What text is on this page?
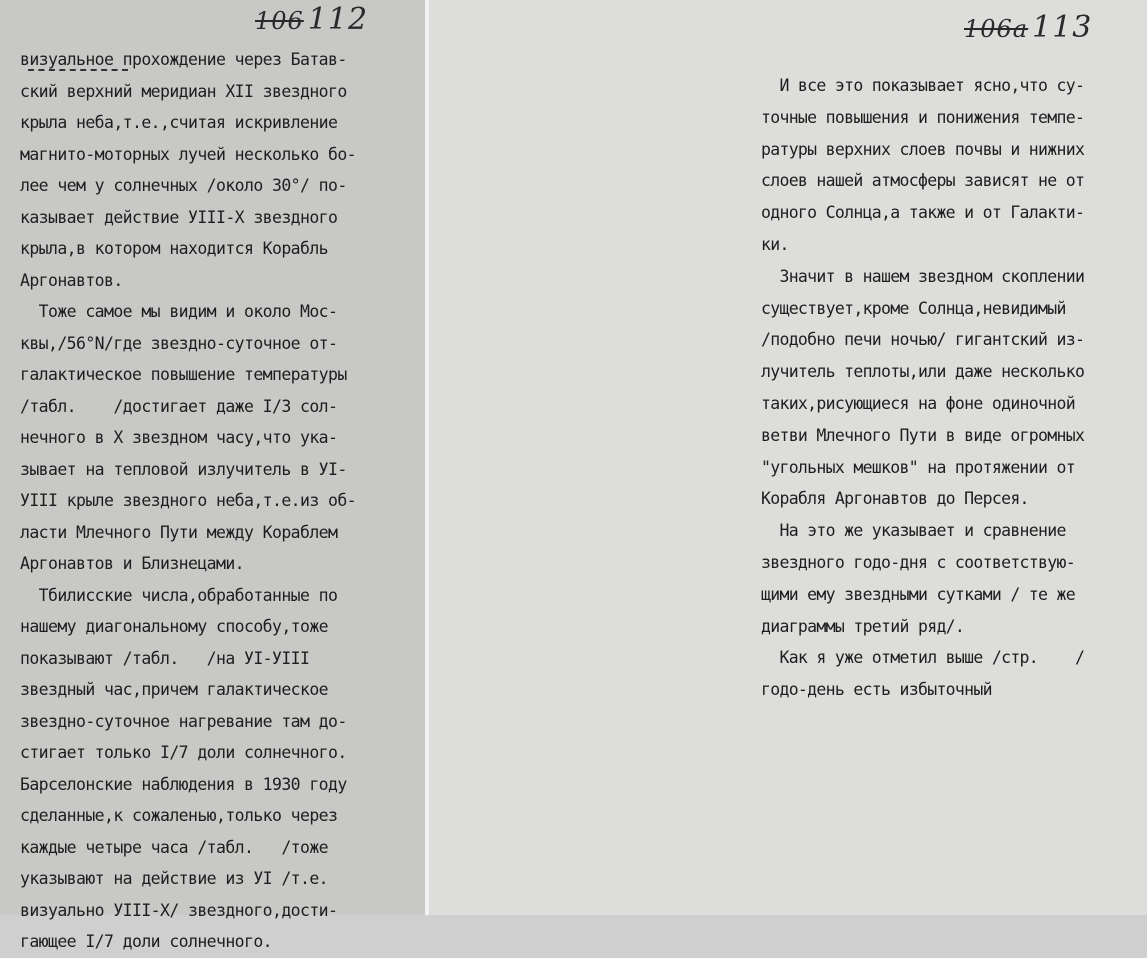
106 112
визуальное прохождение через Батав-
ский верхний меридиан XII звездного
крыла неба,т.е.,считая искривление
магнито-моторных лучей несколько бо-
лее чем у солнечных /около 30°/ по-
казывает действие УIII-Х звездного
крыла,в котором находится Корабль
Аргонавтов.
Тоже самое мы видим и около Мос-
квы,/56°N/где звездно-суточное от-
галактическое повышение температуры
/табл.    /достигает даже I/3 сол-
нечного в Х звездном часу,что ука-
зывает на тепловой излучитель в УI-
УIII крыле звездного неба,т.е.из об-
ласти Млечного Пути между Кораблем
Аргонавтов и Близнецами.
Тбилисские числа,обработанные по
нашему диагональному способу,тоже
показывают /табл.   /на УI-УIII
звездный час,причем галактическое
звездно-суточное нагревание там до-
стигает только I/7 доли солнечного.
Барселонские наблюдения в 1930 году
сделанные,к сожаленью,только через
каждые четыре часа /табл.   /тоже
указывают на действие из УI /т.е.
визуально УIII-Х/ звездного,дости-
гающее I/7 доли солнечного.
106а 113
И все это показывает ясно,что су-
точные повышения и понижения темпе-
ратуры верхних слоев почвы и нижних
слоев нашей атмосферы зависят не от
одного Солнца,а также и от Галакти-
ки.
Значит в нашем звездном скоплении
существует,кроме Солнца,невидимый
/подобно печи ночью/ гигантский из-
лучитель теплоты,или даже несколько
таких,рисующиеся на фоне одиночной
ветви Млечного Пути в виде огромных
"угольных мешков" на протяжении от
Корабля Аргонавтов до Персея.
На это же указывает и сравнение
звездного годо-дня с соответствую-
щими ему звездными сутками / те же
диаграммы третий ряд/.
Как я уже отметил выше /стр.    /
годо-день есть избыточный
